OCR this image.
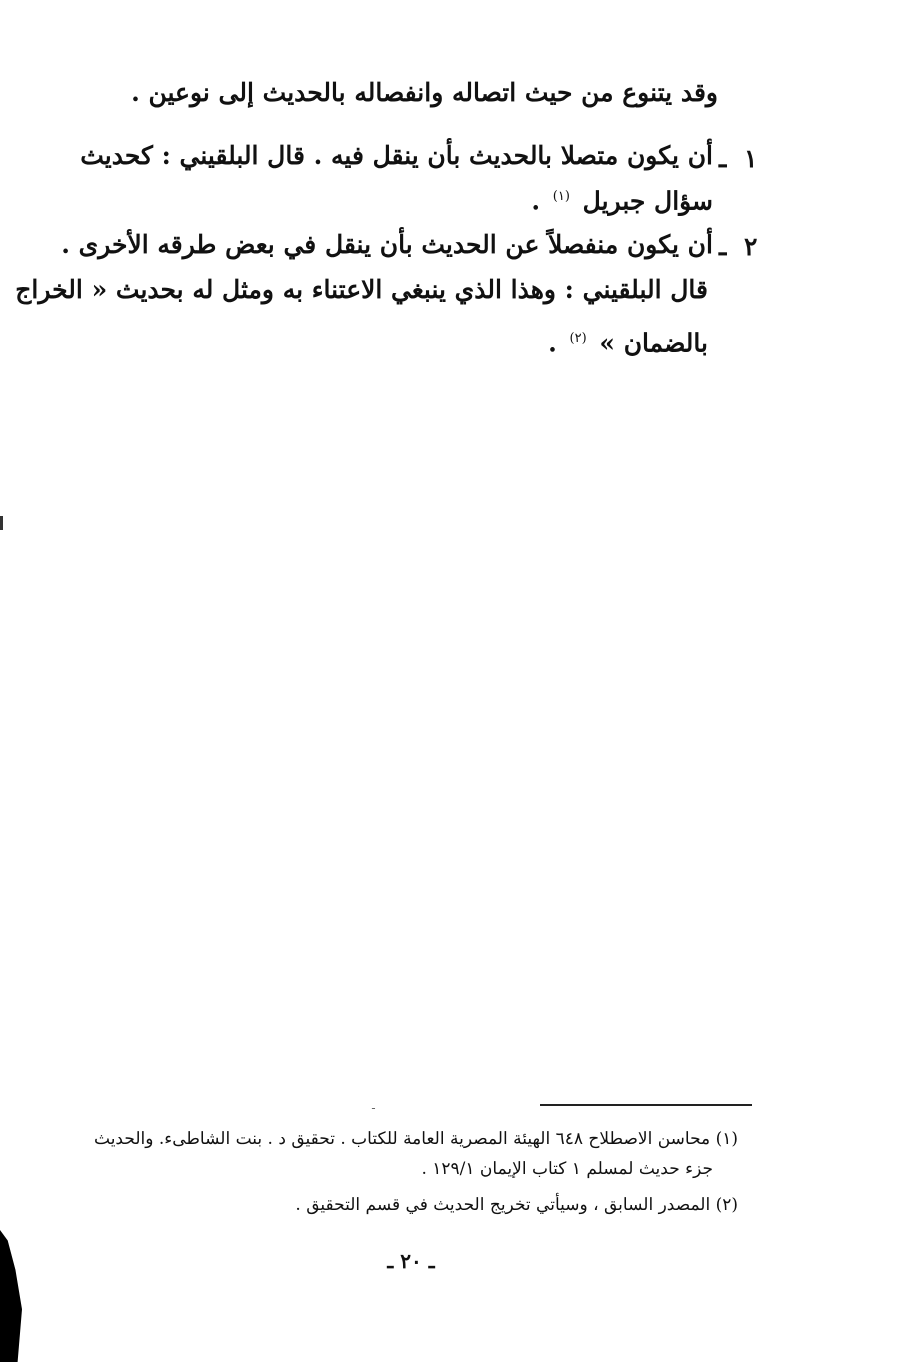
وقد يتنوع من حيث اتصاله وانفصاله بالحديث إلى نوعين .
١
ـ
أن يكون متصلا بالحديث بأن ينقل فيه . قال البلقيني : كحديث
سؤال جبريل $^{(١)}$ .
٢
ـ
أن يكون منفصلاً عن الحديث بأن ينقل في بعض طرقه الأخرى .
قال البلقيني : وهذا الذي ينبغي الاعتناء به ومثل له بحديث « الخراج
بالضمان » $^{(٢)}$ .
ـ
(١) محاسن الاصطلاح ٦٤٨ الهيئة المصرية العامة للكتاب . تحقيق د . بنت الشاطىء. والحديث
جزء حديث لمسلم ١ كتاب الإيمان ١٢٩/١ .
(٢) المصدر السابق ، وسيأتي تخريج الحديث في قسم التحقيق .
ـ ٢٠ ـ
